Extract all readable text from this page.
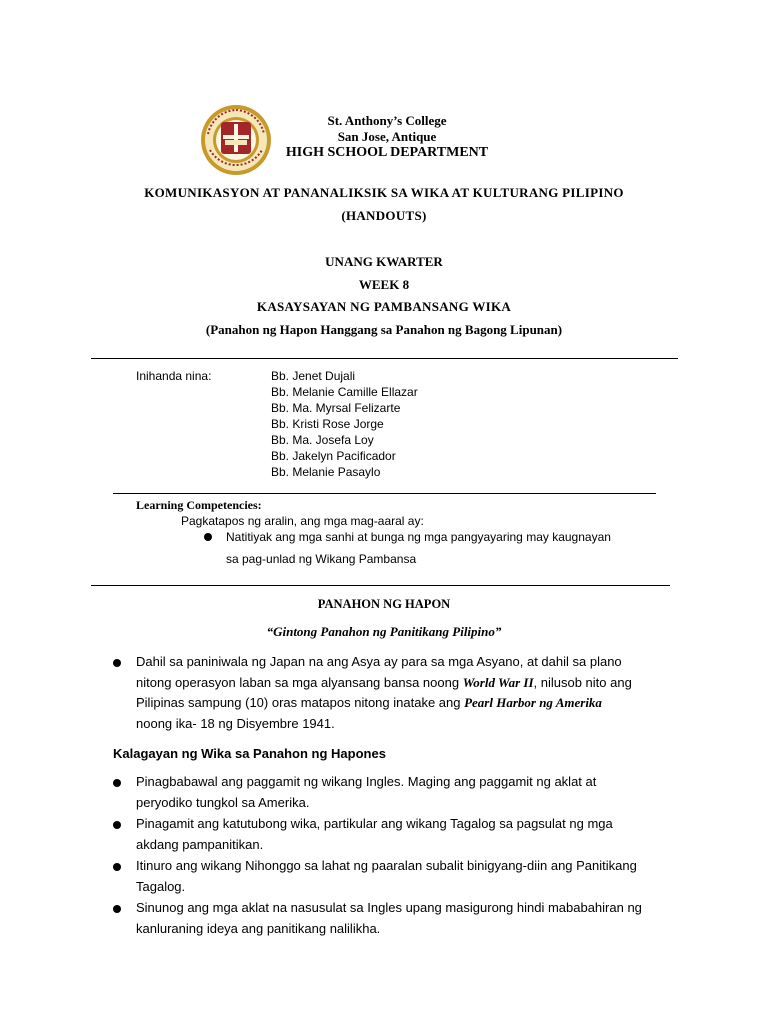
St. Anthony’s College
San Jose, Antique
HIGH SCHOOL DEPARTMENT
KOMUNIKASYON AT PANANALIKSIK SA WIKA AT KULTURANG PILIPINO
(HANDOUTS)
UNANG KWARTER
WEEK 8
KASAYSAYAN NG PAMBANSANG WIKA
(Panahon ng Hapon Hanggang sa Panahon ng Bagong Lipunan)
Inihanda nina:	Bb. Jenet Dujali
Bb. Melanie Camille Ellazar
Bb. Ma. Myrsal Felizarte
Bb. Kristi Rose Jorge
Bb. Ma. Josefa Loy
Bb. Jakelyn Pacificador
Bb. Melanie Pasaylo
Learning Competencies:
Pagkatapos ng aralin, ang mga mag-aaral ay:
Natitiyak ang mga sanhi at bunga ng mga pangyayaring may kaugnayan
sa pag-unlad ng Wikang Pambansa
PANAHON NG HAPON
“Gintong Panahon ng Panitikang Pilipino”
Dahil sa paniniwala ng Japan na ang Asya ay para sa mga Asyano, at dahil sa plano
nitong operasyon laban sa mga alyansang bansa noong World War II, nilusob nito ang
Pilipinas sampung (10) oras matapos nitong inatake ang Pearl Harbor ng Amerika
noong ika- 18 ng Disyembre 1941.
Kalagayan ng Wika sa Panahon ng Hapones
Pinagbabawal ang paggamit ng wikang Ingles. Maging ang paggamit ng aklat at
peryodiko tungkol sa Amerika.
Pinagamit ang katutubong wika, partikular ang wikang Tagalog sa pagsulat ng mga
akdang pampanitikan.
Itinuro ang wikang Nihonggo sa lahat ng paaralan subalit binigyang-diin ang Panitikang
Tagalog.
Sinunog ang mga aklat na nasusulat sa Ingles upang masigurong hindi mababahiran ng
kanluraning ideya ang panitikang nalilikha.
